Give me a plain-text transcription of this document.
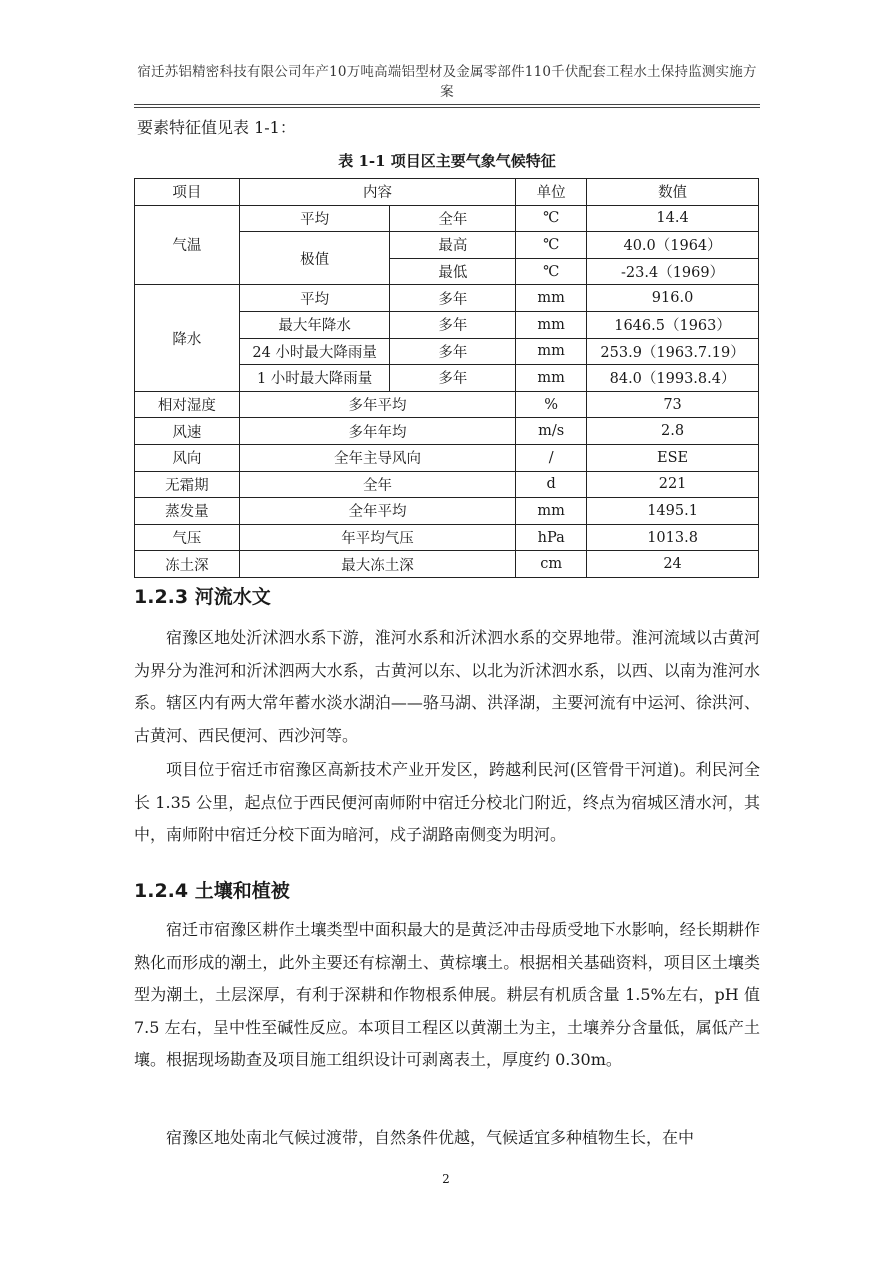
宿迁苏铝精密科技有限公司年产10万吨高端铝型材及金属零部件110千伏配套工程水土保持监测实施方案
要素特征值见表 1-1：
表 1-1 项目区主要气象气候特征
项目	内容		单位	数值
气温	平均	全年	℃	14.4
	极值	最高	℃	40.0（1964）
		最低	℃	-23.4（1969）
降水	平均	多年	mm	916.0
	最大年降水	多年	mm	1646.5（1963）
	24 小时最大降雨量	多年	mm	253.9（1963.7.19）
	1 小时最大降雨量	多年	mm	84.0（1993.8.4）
相对湿度	多年平均		%	73
风速	多年年均		m/s	2.8
风向	全年主导风向		/	ESE
无霜期	全年		d	221
蒸发量	全年平均		mm	1495.1
气压	年平均气压		hPa	1013.8
冻土深	最大冻土深		cm	24
1.2.3 河流水文

宿豫区地处沂沭泗水系下游，淮河水系和沂沭泗水系的交界地带。淮河流域以古黄河为界分为淮河和沂沭泗两大水系，古黄河以东、以北为沂沭泗水系，以西、以南为淮河水系。辖区内有两大常年蓄水淡水湖泊——骆马湖、洪泽湖，主要河流有中运河、徐洪河、古黄河、西民便河、西沙河等。

项目位于宿迁市宿豫区高新技术产业开发区，跨越利民河(区管骨干河道)。利民河全长 1.35 公里，起点位于西民便河南师附中宿迁分校北门附近，终点为宿城区清水河，其中，南师附中宿迁分校下面为暗河，戍子湖路南侧变为明河。

1.2.4 土壤和植被

宿迁市宿豫区耕作土壤类型中面积最大的是黄泛冲击母质受地下水影响，经长期耕作熟化而形成的潮土，此外主要还有棕潮土、黄棕壤土。根据相关基础资料，项目区土壤类型为潮土，土层深厚，有利于深耕和作物根系伸展。耕层有机质含量 1.5%左右，pH 值 7.5 左右，呈中性至碱性反应。本项目工程区以黄潮土为主，土壤养分含量低，属低产土壤。根据现场勘查及项目施工组织设计可剥离表土，厚度约 0.30m。

宿豫区地处南北气候过渡带，自然条件优越，气候适宜多种植物生长，在中

2
